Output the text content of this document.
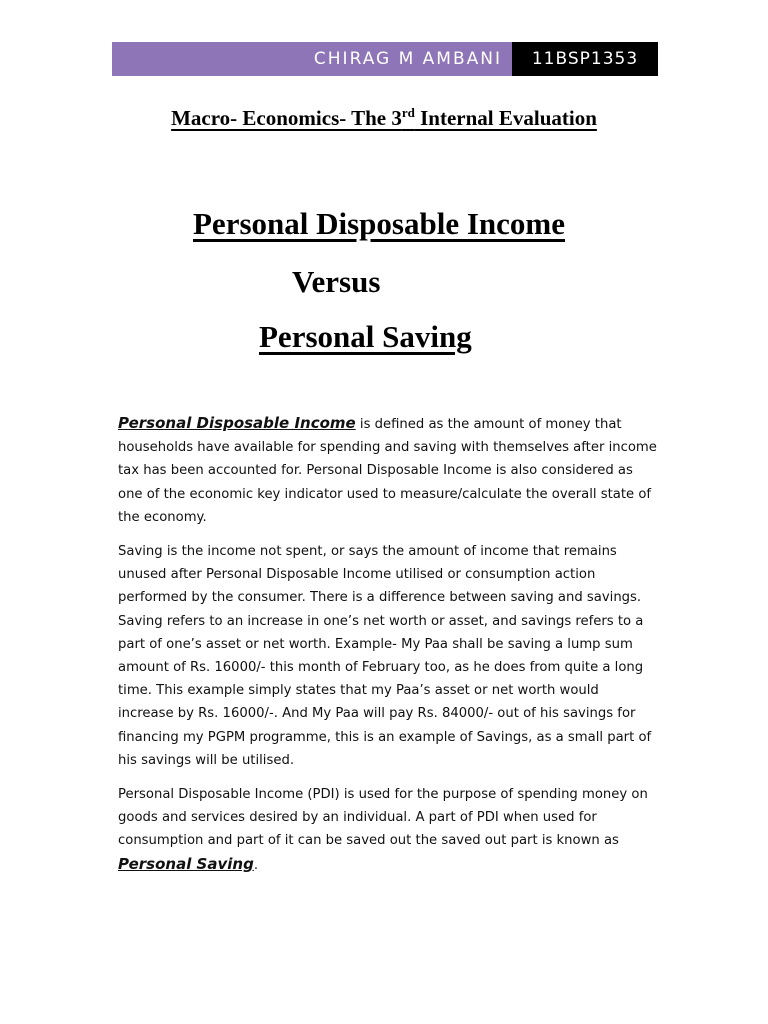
CHIRAG M AMBANI	11BSP1353
Macro- Economics- The 3rd Internal Evaluation
Personal Disposable Income
Versus
Personal Saving

Personal Disposable Income is defined as the amount of money that households have available for spending and saving with themselves after income tax has been accounted for. Personal Disposable Income is also considered as one of the economic key indicator used to measure/calculate the overall state of the economy.

Saving is the income not spent, or says the amount of income that remains unused after Personal Disposable Income utilised or consumption action performed by the consumer. There is a difference between saving and savings. Saving refers to an increase in one’s net worth or asset, and savings refers to a part of one’s asset or net worth. Example- My Paa shall be saving a lump sum amount of Rs. 16000/- this month of February too, as he does from quite a long time. This example simply states that my Paa’s asset or net worth would increase by Rs. 16000/-. And My Paa will pay Rs. 84000/- out of his savings for financing my PGPM programme, this is an example of Savings, as a small part of his savings will be utilised.

Personal Disposable Income (PDI) is used for the purpose of spending money on goods and services desired by an individual. A part of PDI when used for consumption and part of it can be saved out the saved out part is known as Personal Saving.
